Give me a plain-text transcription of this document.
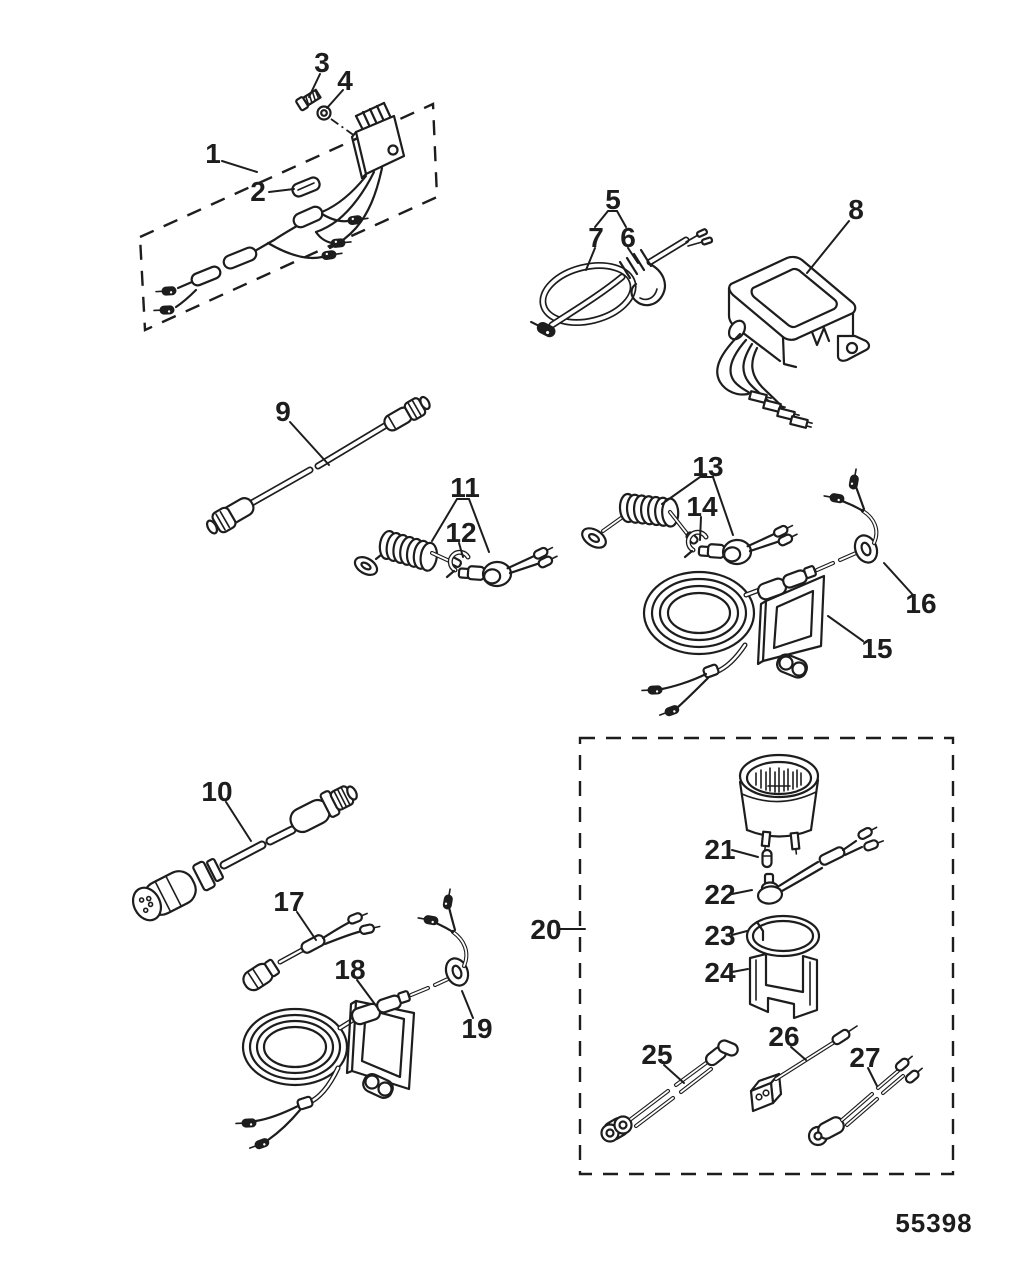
1
2
3
4
5
6
7
8
9
10
11
12
13
14
15
16
17
18
19
20
21
22
23
24
25
26
27
55398
